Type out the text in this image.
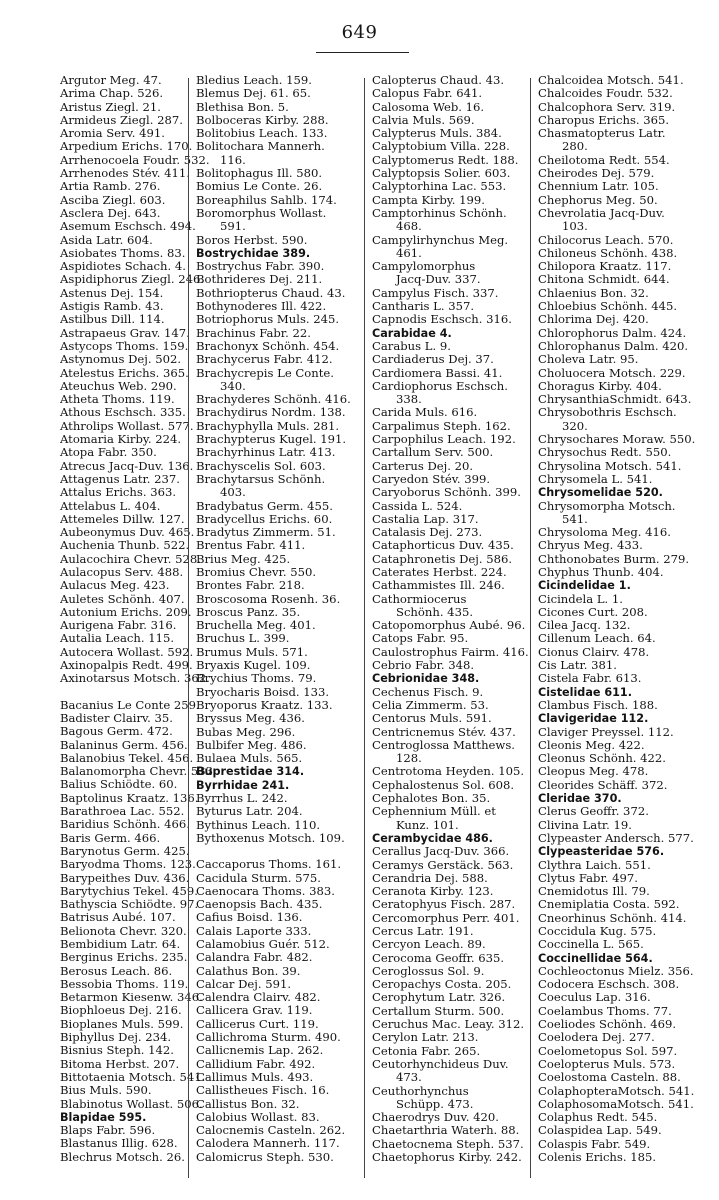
649
Argutor Meg. 47.
Arima Chap. 526.
Aristus Ziegl. 21.
Armideus Ziegl. 287.
Aromia Serv. 491.
Arpedium Erichs. 170.
Arrhenocoela Foudr. 532.
Arrhenodes Stév. 411.
Artia Ramb. 276.
Asciba Ziegl. 603.
Asclera Dej. 643.
Asemum Eschsch. 494.
Asida Latr. 604.
Asiobates Thoms. 83.
Aspidiotes Schach. 4.
Aspidiphorus Ziegl. 246.
Astenus Dej. 154.
Astigis Ramb. 43.
Astilbus Dill. 114.
Astrapaeus Grav. 147.
Astycops Thoms. 159.
Astynomus Dej. 502.
Atelestus Erichs. 365.
Ateuchus Web. 290.
Atheta Thoms. 119.
Athous Eschsch. 335.
Athrolips Wollast. 577.
Atomaria Kirby. 224.
Atopa Fabr. 350.
Atrecus Jacq-Duv. 136.
Attagenus Latr. 237.
Attalus Erichs. 363.
Attelabus L. 404.
Attemeles Dillw. 127.
Aubeonymus Duv. 465.
Auchenia Thunb. 522.
Aulacochira Chevr. 528.
Aulacopus Serv. 488.
Aulacus Meg. 423.
Auletes Schönh. 407.
Autonium Erichs. 209.
Aurigena Fabr. 316.
Autalia Leach. 115.
Autocera Wollast. 592.
Axinopalpis Redt. 499.
Axinotarsus Motsch. 362.
Bacanius Le Conte 259.
Badister Clairv. 35.
Bagous Germ. 472.
Balaninus Germ. 456.
Balanobius Tekel. 456.
Balanomorpha Chevr. 533.
Balius Schiödte. 60.
Baptolinus Kraatz. 136.
Barathroea Lac. 552.
Baridius Schönh. 466.
Baris Germ. 466.
Barynotus Germ. 425.
Baryodma Thoms. 123.
Barypeithes Duv. 436.
Barytychius Tekel. 459.
Bathyscia Schiödte. 97.
Batrisus Aubé. 107.
Belionota Chevr. 320.
Bembidium Latr. 64.
Berginus Erichs. 235.
Berosus Leach. 86.
Bessobia Thoms. 119.
Betarmon Kiesenw. 346.
Biophloeus Dej. 216.
Bioplanes Muls. 599.
Biphyllus Dej. 234.
Bisnius Steph. 142.
Bitoma Herbst. 207.
Bittotaenia Motsch. 541.
Bius Muls. 590.
Blabinotus Wollast. 506.
Blapidae 595.
Blaps Fabr. 596.
Blastanus Illig. 628.
Blechrus Motsch. 26.
Bledius Leach. 159.
Blemus Dej. 61. 65.
Blethisa Bon. 5.
Bolboceras Kirby. 288.
Bolitobius Leach. 133.
Bolitochara Mannerh.
116.
Bolitophagus Ill. 580.
Bomius Le Conte. 26.
Boreaphilus Sahlb. 174.
Boromorphus Wollast.
591.
Boros Herbst. 590.
Bostrychidae 389.
Bostrychus Fabr. 390.
Bothrideres Dej. 211.
Bothriopterus Chaud. 43.
Bothynoderes Ill. 422.
Botriophorus Muls. 245.
Brachinus Fabr. 22.
Brachonyx Schönh. 454.
Brachycerus Fabr. 412.
Brachycrepis Le Conte.
340.
Brachyderes Schönh. 416.
Brachydirus Nordm. 138.
Brachyphylla Muls. 281.
Brachypterus Kugel. 191.
Brachyrhinus Latr. 413.
Brachyscelis Sol. 603.
Brachytarsus Schönh.
403.
Bradybatus Germ. 455.
Bradycellus Erichs. 60.
Bradytus Zimmerm. 51.
Brentus Fabr. 411.
Brius Meg. 425.
Bromius Chevr. 550.
Brontes Fabr. 218.
Broscosoma Rosenh. 36.
Broscus Panz. 35.
Bruchella Meg. 401.
Bruchus L. 399.
Brumus Muls. 571.
Bryaxis Kugel. 109.
Brychius Thoms. 79.
Bryocharis Boisd. 133.
Bryoporus Kraatz. 133.
Bryssus Meg. 436.
Bubas Meg. 296.
Bulbifer Meg. 486.
Bulaea Muls. 565.
Buprestidae 314.
Byrrhidae 241.
Byrrhus L. 242.
Byturus Latr. 204.
Bythinus Leach. 110.
Bythoxenus Motsch. 109.
Caccaporus Thoms. 161.
Cacidula Sturm. 575.
Caenocara Thoms. 383.
Caenopsis Bach. 435.
Cafius Boisd. 136.
Calais Laporte 333.
Calamobius Guér. 512.
Calandra Fabr. 482.
Calathus Bon. 39.
Calcar Dej. 591.
Calendra Clairv. 482.
Callicera Grav. 119.
Callicerus Curt. 119.
Callichroma Sturm. 490.
Callicnemis Lap. 262.
Callidium Fabr. 492.
Callimus Muls. 493.
Callistheues Fisch. 16.
Callistus Bon. 32.
Calobius Wollast. 83.
Calocnemis Casteln. 262.
Calodera Mannerh. 117.
Calomicrus Steph. 530.
Calopterus Chaud. 43.
Calopus Fabr. 641.
Calosoma Web. 16.
Calvia Muls. 569.
Calypterus Muls. 384.
Calyptobium Villa. 228.
Calyptomerus Redt. 188.
Calyptopsis Solier. 603.
Calyptorhina Lac. 553.
Campta Kirby. 199.
Camptorhinus Schönh.
468.
Campylirhynchus Meg.
461.
Campylomorphus
Jacq-Duv. 337.
Campylus Fisch. 337.
Cantharis L. 357.
Capnodis Eschsch. 316.
Carabidae 4.
Carabus L. 9.
Cardiaderus Dej. 37.
Cardiomera Bassi. 41.
Cardiophorus Eschsch.
338.
Carida Muls. 616.
Carpalimus Steph. 162.
Carpophilus Leach. 192.
Cartallum Serv. 500.
Carterus Dej. 20.
Caryedon Stév. 399.
Caryoborus Schönh. 399.
Cassida L. 524.
Castalia Lap. 317.
Catalasis Dej. 273.
Cataphorticus Duv. 435.
Cataphronetis Dej. 586.
Caterates Herbst. 224.
Cathammistes Ill. 246.
Cathormiocerus
Schönh. 435.
Catopomorphus Aubé. 96.
Catops Fabr. 95.
Caulostrophus Fairm. 416.
Cebrio Fabr. 348.
Cebrionidae 348.
Cechenus Fisch. 9.
Celia Zimmerm. 53.
Centorus Muls. 591.
Centricnemus Stév. 437.
Centroglossa Matthews.
128.
Centrotoma Heyden. 105.
Cephalostenus Sol. 608.
Cephalotes Bon. 35.
Cephennium Müll. et
Kunz. 101.
Cerambycidae 486.
Cerallus Jacq-Duv. 366.
Ceramys Gerstäck. 563.
Cerandria Dej. 588.
Ceranota Kirby. 123.
Ceratophyus Fisch. 287.
Cercomorphus Perr. 401.
Cercus Latr. 191.
Cercyon Leach. 89.
Cerocoma Geoffr. 635.
Ceroglossus Sol. 9.
Ceropachys Costa. 205.
Cerophytum Latr. 326.
Certallum Sturm. 500.
Ceruchus Mac. Leay. 312.
Cerylon Latr. 213.
Cetonia Fabr. 265.
Ceutorhynchideus Duv.
473.
Ceuthorhynchus
Schüpp. 473.
Chaerodrys Duv. 420.
Chaetarthria Waterh. 88.
Chaetocnema Steph. 537.
Chaetophorus Kirby. 242.
Chalcoidea Motsch. 541.
Chalcoides Foudr. 532.
Chalcophora Serv. 319.
Charopus Erichs. 365.
Chasmatopterus Latr.
280.
Cheilotoma Redt. 554.
Cheirodes Dej. 579.
Chennium Latr. 105.
Chephorus Meg. 50.
Chevrolatia Jacq-Duv.
103.
Chilocorus Leach. 570.
Chiloneus Schönh. 438.
Chilopora Kraatz. 117.
Chitona Schmidt. 644.
Chlaenius Bon. 32.
Chloebius Schönh. 445.
Chlorima Dej. 420.
Chlorophorus Dalm. 424.
Chlorophanus Dalm. 420.
Choleva Latr. 95.
Choluocera Motsch. 229.
Choragus Kirby. 404.
ChrysanthiaSchmidt. 643.
Chrysobothris Eschsch.
320.
Chrysochares Moraw. 550.
Chrysochus Redt. 550.
Chrysolina Motsch. 541.
Chrysomela L. 541.
Chrysomelidae 520.
Chrysomorpha Motsch.
541.
Chrysoloma Meg. 416.
Chryus Meg. 433.
Chthonobates Burm. 279.
Chyphus Thunb. 404.
Cicindelidae 1.
Cicindela L. 1.
Cicones Curt. 208.
Cilea Jacq. 132.
Cillenum Leach. 64.
Cionus Clairv. 478.
Cis Latr. 381.
Cistela Fabr. 613.
Cistelidae 611.
Clambus Fisch. 188.
Clavigeridae 112.
Claviger Preyssel. 112.
Cleonis Meg. 422.
Cleonus Schönh. 422.
Cleopus Meg. 478.
Cleorides Schäff. 372.
Cleridae 370.
Clerus Geoffr. 372.
Clivina Latr. 19.
Clypeaster Andersch. 577.
Clypeasteridae 576.
Clythra Laich. 551.
Clytus Fabr. 497.
Cnemidotus Ill. 79.
Cnemiplatia Costa. 592.
Cneorhinus Schönh. 414.
Coccidula Kug. 575.
Coccinella L. 565.
Coccinellidae 564.
Cochleoctonus Mielz. 356.
Codocera Eschsch. 308.
Coeculus Lap. 316.
Coelambus Thoms. 77.
Coeliodes Schönh. 469.
Coelodera Dej. 277.
Coelometopus Sol. 597.
Coelopterus Muls. 573.
Coelostoma Casteln. 88.
ColaphopteraMotsch. 541.
ColaphosomaMotsch. 541.
Colaphus Redt. 545.
Colaspidea Lap. 549.
Colaspis Fabr. 549.
Colenis Erichs. 185.
